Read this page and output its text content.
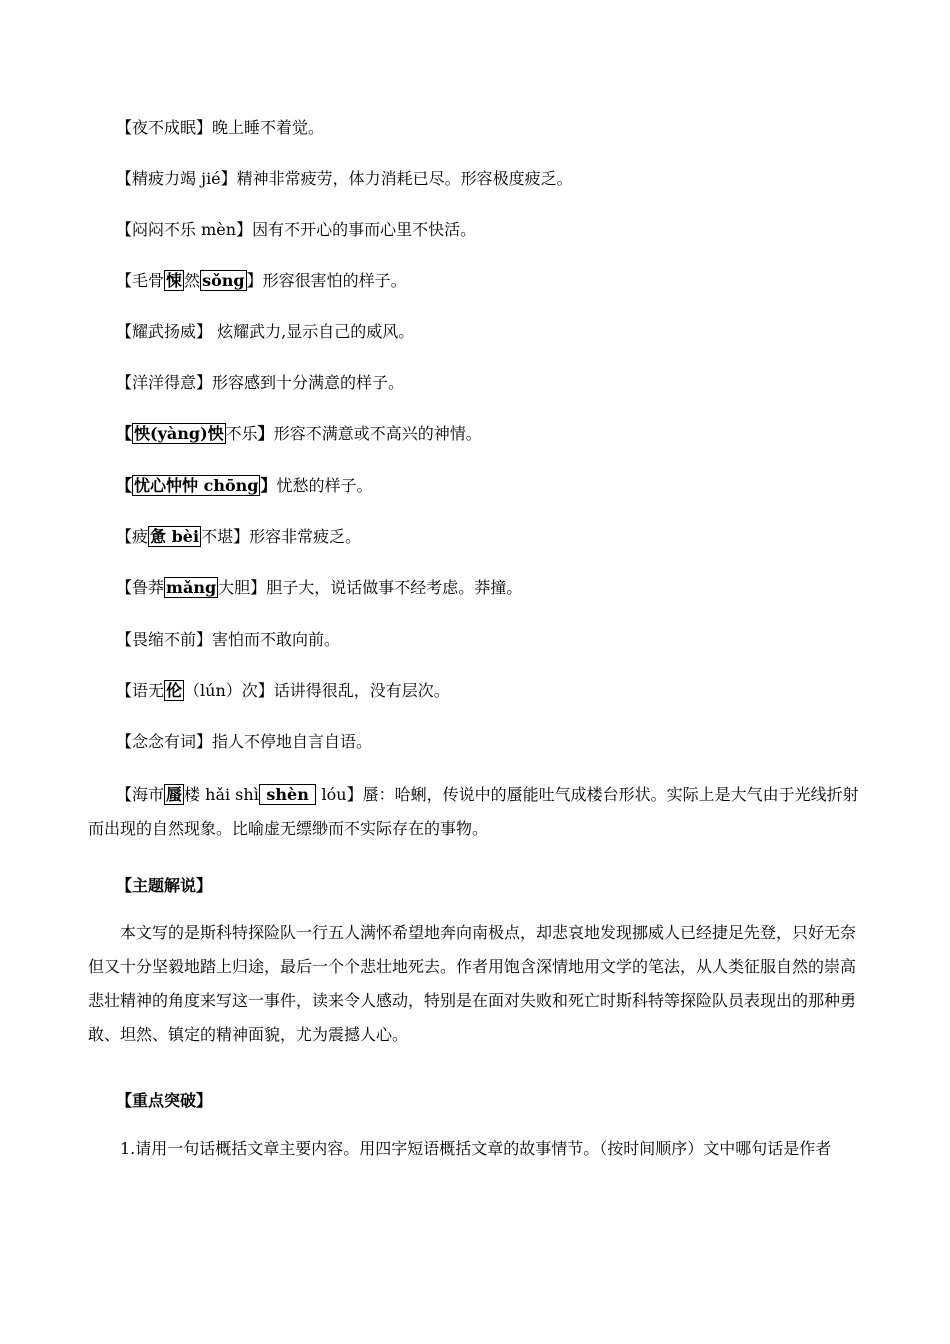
【夜不成眠】晚上睡不着觉。
【精疲力竭 jié】精神非常疲劳，体力消耗已尽。形容极度疲乏。
【闷闷不乐 mèn】因有不开心的事而心里不快活。
【毛骨 悚 然 sǒng 】形容很害怕的样子。
【耀武扬威】 炫耀武力,显示自己的威风。
【洋洋得意】形容感到十分满意的样子。
【 怏(yàng)怏 不乐】形容不满意或不高兴的神情。
【 忧心忡忡 chōng 】忧愁的样子。
【疲 惫 bèi 不堪】形容非常疲乏。
【鲁莽 mǎng 大胆】胆子大，说话做事不经考虑。莽撞。
【畏缩不前】害怕而不敢向前。
【语无 伦 （lún）次】话讲得很乱，没有层次。
【念念有词】指人不停地自言自语。
【海市 蜃 楼 hǎi shì shèn  lóu】蜃：哈蜊，传说中的蜃能吐气成楼台形状。实际上是大气由于光线折射而出现的自然现象。比喻虚无缥缈而不实际存在的事物。
【主题解说】
本文写的是斯科特探险队一行五人满怀希望地奔向南极点，却悲哀地发现挪威人已经捷足先登，只好无奈但又十分坚毅地踏上归途，最后一个个悲壮地死去。作者用饱含深情地用文学的笔法，从人类征服自然的崇高悲壮精神的角度来写这一事件，读来令人感动，特别是在面对失败和死亡时斯科特等探险队员表现出的那种勇敢、坦然、镇定的精神面貌，尤为震撼人心。
【重点突破】
1.请用一句话概括文章主要内容。用四字短语概括文章的故事情节。（按时间顺序）文中哪句话是作者
